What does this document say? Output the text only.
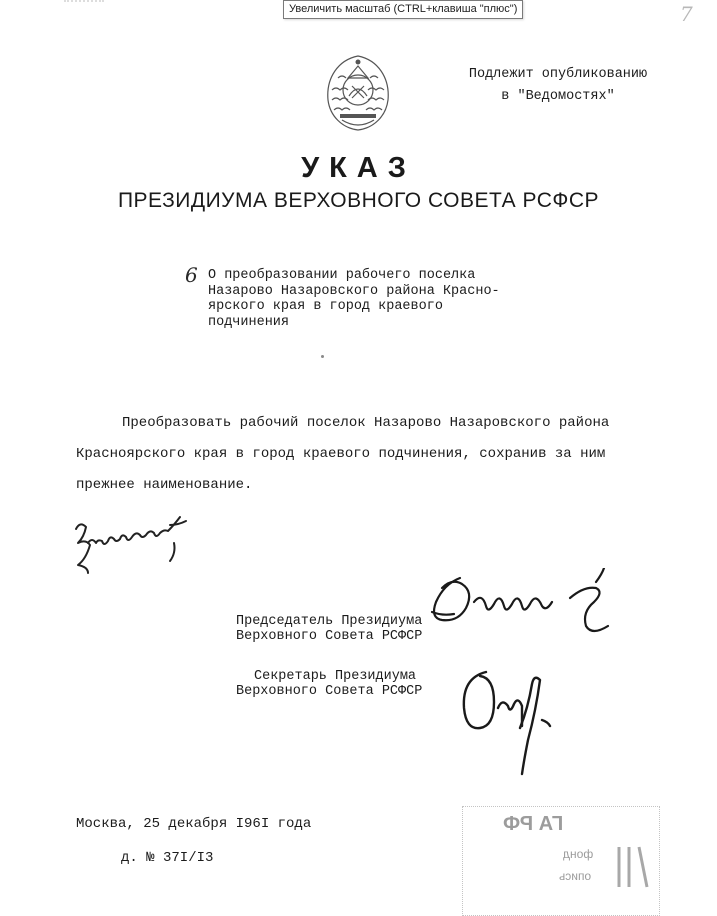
Увеличить масштаб (CTRL+клавиша "плюс")	7
Подлежит опубликованию
в "Ведомостях"
УКАЗ
ПРЕЗИДИУМА ВЕРХОВНОГО СОВЕТА РСФСР
6 О преобразовании рабочего поселка
Назарово Назаровского района Красно-
ярского края в город краевого
подчинения
Преобразовать рабочий поселок Назарово Назаровского района
Красноярского края в город краевого подчинения, сохранив за ним
прежнее наименование.
Председатель Президиума
Верховного Совета РСФСР
Секретарь Президиума
Верховного Совета РСФСР
Москва, 25 декабря I96I года
д. № 37I/I3
ГА РФ
фонд
опись
